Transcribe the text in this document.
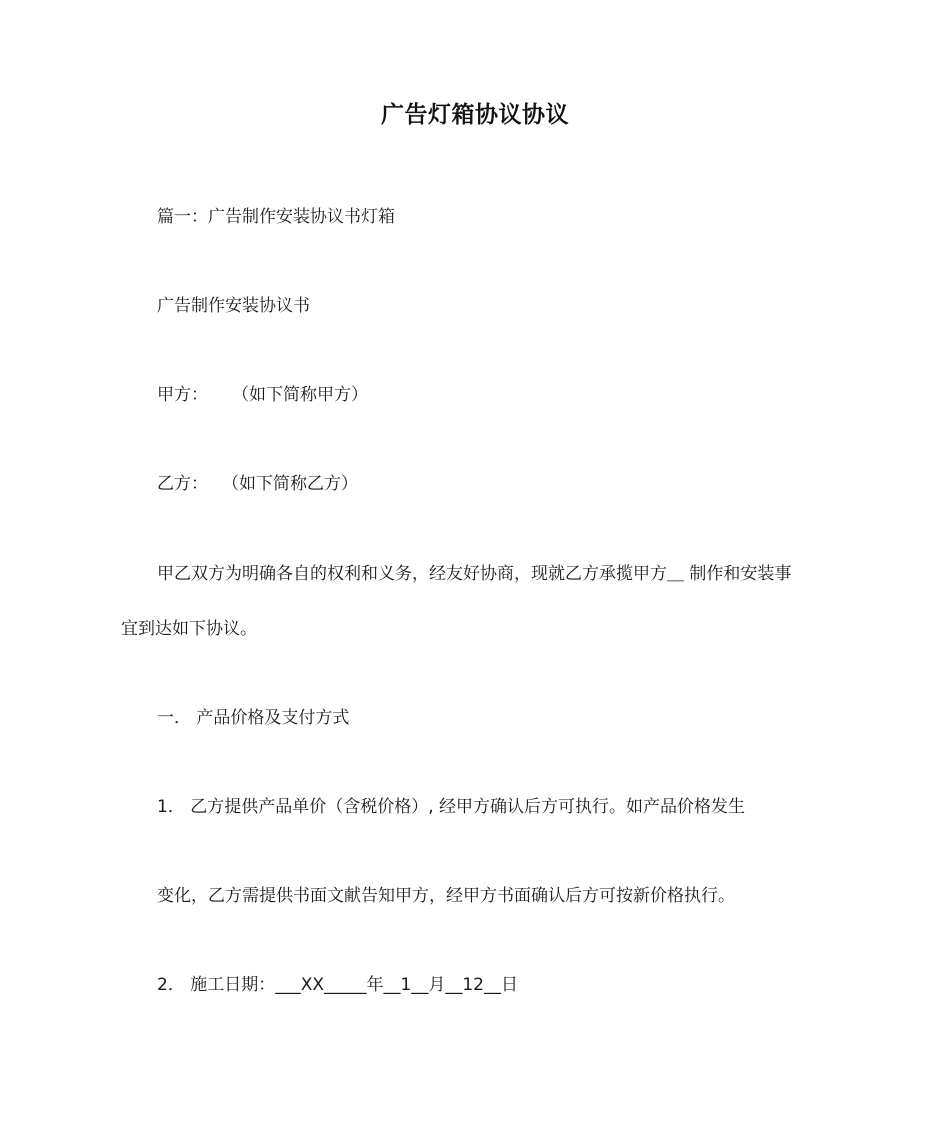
广告灯箱协议协议
篇一：广告制作安装协议书灯箱
广告制作安装协议书
甲方： （如下简称甲方）
乙方： （如下简称乙方）
甲乙双方为明确各自的权利和义务，经友好协商，现就乙方承揽甲方＿ 制作和安装事
宜到达如下协议。
一． 产品价格及支付方式
1． 乙方提供产品单价（含税价格）, 经甲方确认后方可执行。如产品价格发生
变化，乙方需提供书面文献告知甲方，经甲方书面确认后方可按新价格执行。
2． 施工日期：___XX_____年__1__月__12__日
